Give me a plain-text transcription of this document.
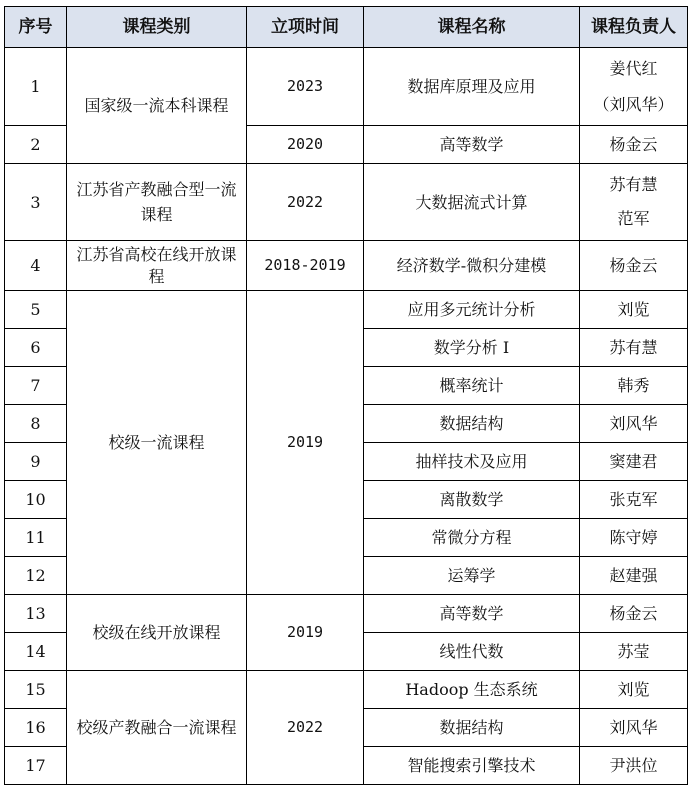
序号	课程类别	立项时间	课程名称	课程负责人
1	国家级一流本科课程	2023	数据库原理及应用	姜代红
（刘风华）
2		2020	高等数学	杨金云
3	江苏省产教融合型一流课程	2022	大数据流式计算	苏有慧
范军
4	江苏省高校在线开放课程	2018-2019	经济数学-微积分建模	杨金云
5	校级一流课程	2019	应用多元统计分析	刘览
6			数学分析 I	苏有慧
7			概率统计	韩秀
8			数据结构	刘风华
9			抽样技术及应用	窦建君
10			离散数学	张克军
11			常微分方程	陈守婷
12			运筹学	赵建强
13	校级在线开放课程	2019	高等数学	杨金云
14			线性代数	苏莹
15	校级产教融合一流课程	2022	Hadoop 生态系统	刘览
16			数据结构	刘风华
17			智能搜索引擎技术	尹洪位
